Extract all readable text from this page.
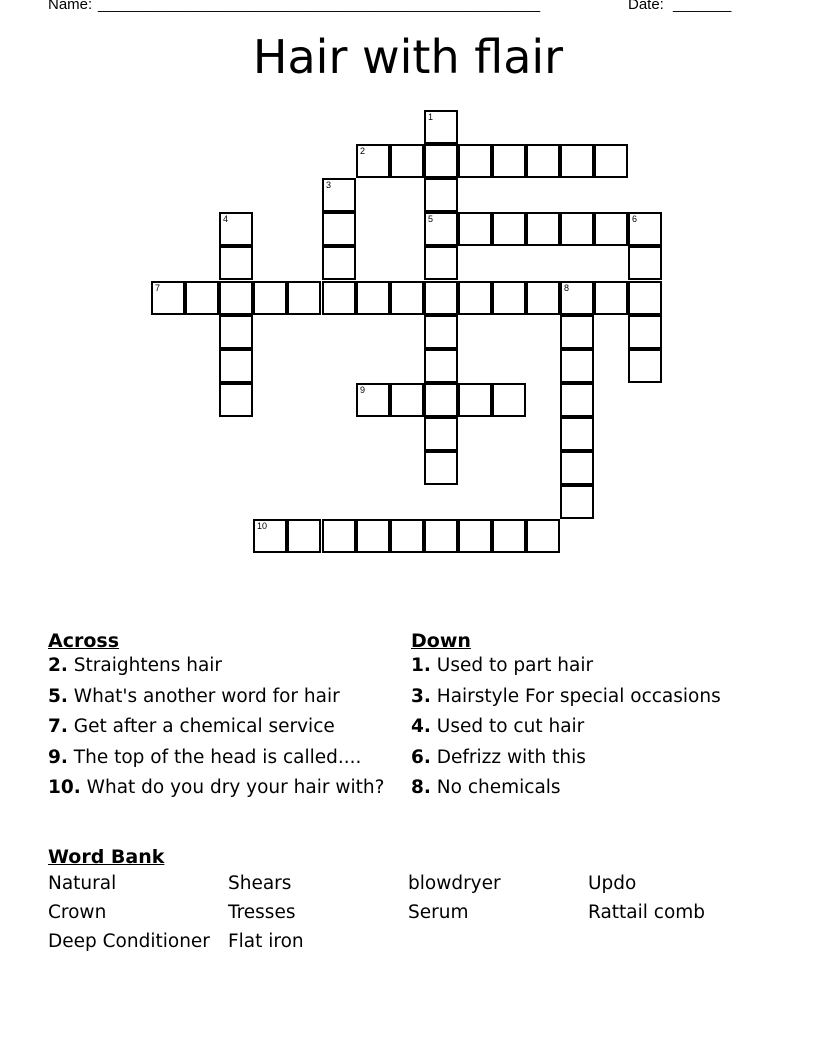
Name: _____________________________________________________	Date: _______
Hair with flair
1
5
2
3
4	6
7	8
9
10
Across
2. Straightens hair
5. What's another word for hair
7. Get after a chemical service
9. The top of the head is called....
10. What do you dry your hair with?
Down
1. Used to part hair
3. Hairstyle For special occasions
4. Used to cut hair
6. Defrizz with this
8. No chemicals
Word Bank
Natural	Shears	blowdryer	Updo
Crown	Tresses	Serum	Rattail comb
Deep Conditioner Flat iron
